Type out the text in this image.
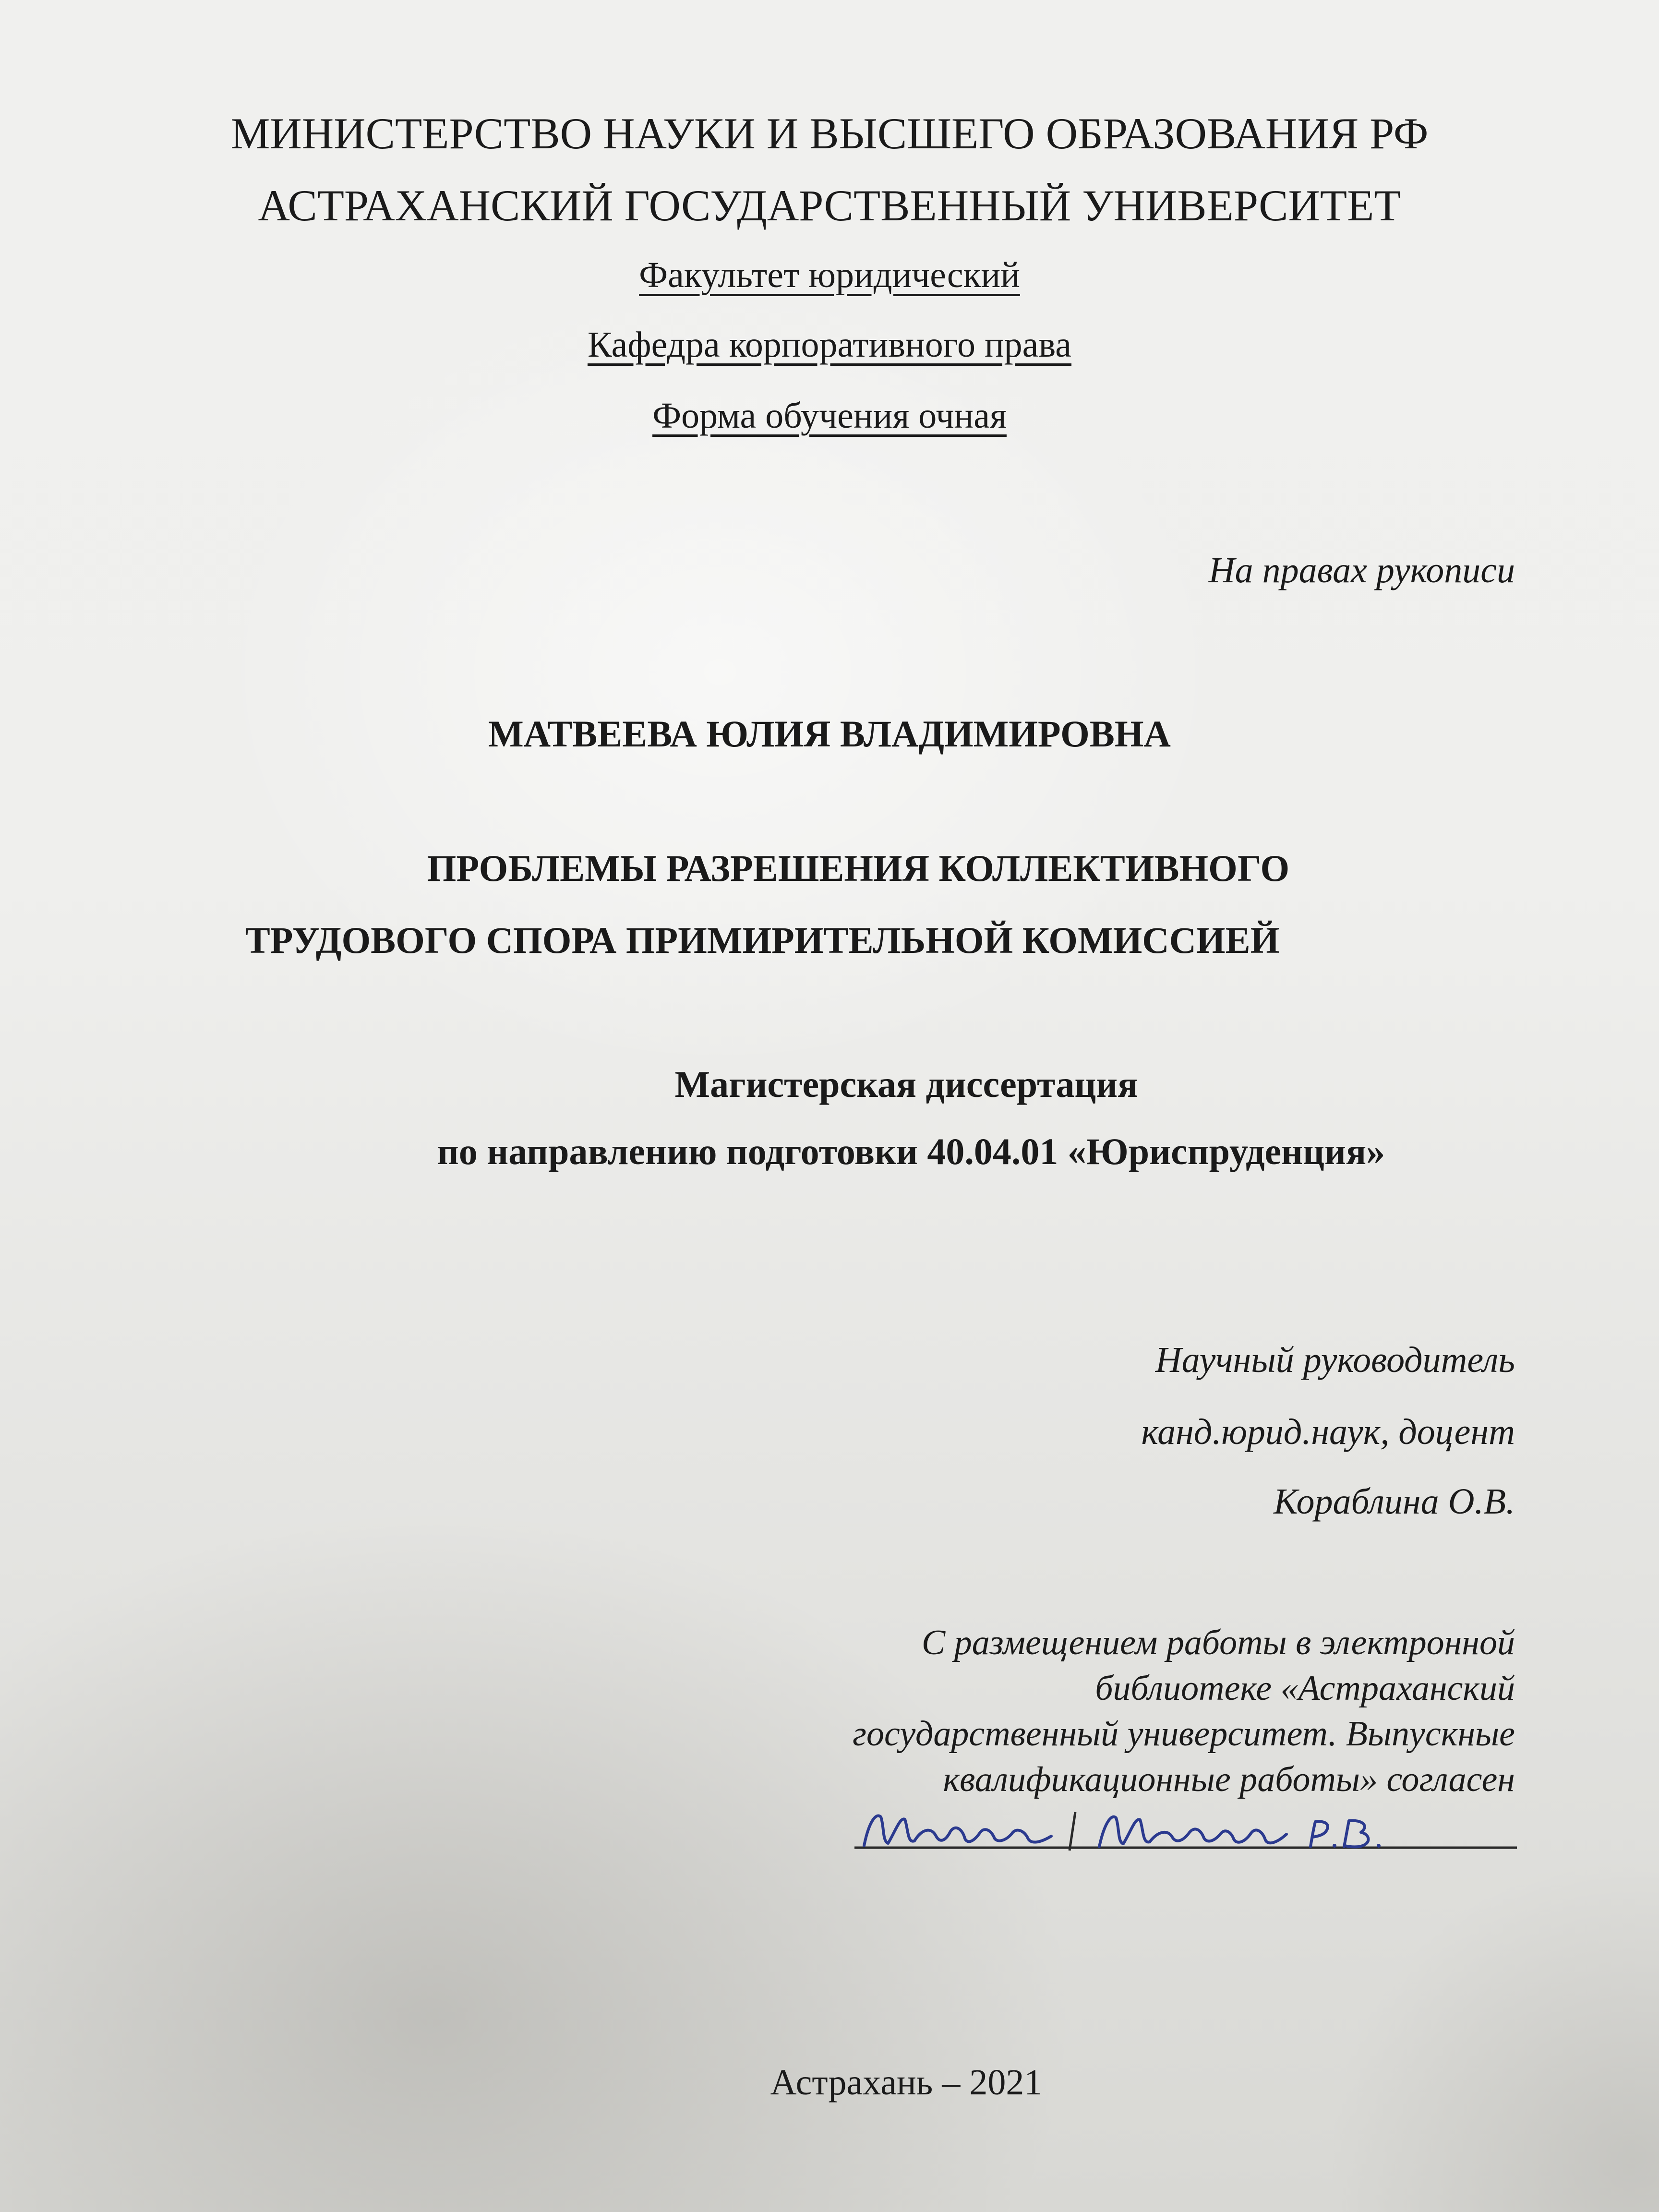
МИНИСТЕРСТВО НАУКИ И ВЫСШЕГО ОБРАЗОВАНИЯ РФ
АСТРАХАНСКИЙ ГОСУДАРСТВЕННЫЙ УНИВЕРСИТЕТ
Факультет юридический
Кафедра корпоративного права
Форма обучения очная
На правах рукописи
МАТВЕЕВА ЮЛИЯ ВЛАДИМИРОВНА
ПРОБЛЕМЫ РАЗРЕШЕНИЯ КОЛЛЕКТИВНОГО
ТРУДОВОГО СПОРА ПРИМИРИТЕЛЬНОЙ КОМИССИЕЙ
Магистерская диссертация
по направлению подготовки 40.04.01 «Юриспруденция»
Научный руководитель
канд.юрид.наук, доцент
Кораблина О.В.
С размещением работы в электронной
библиотеке «Астраханский
государственный университет. Выпускные
квалификационные работы» согласен
Астрахань – 2021
